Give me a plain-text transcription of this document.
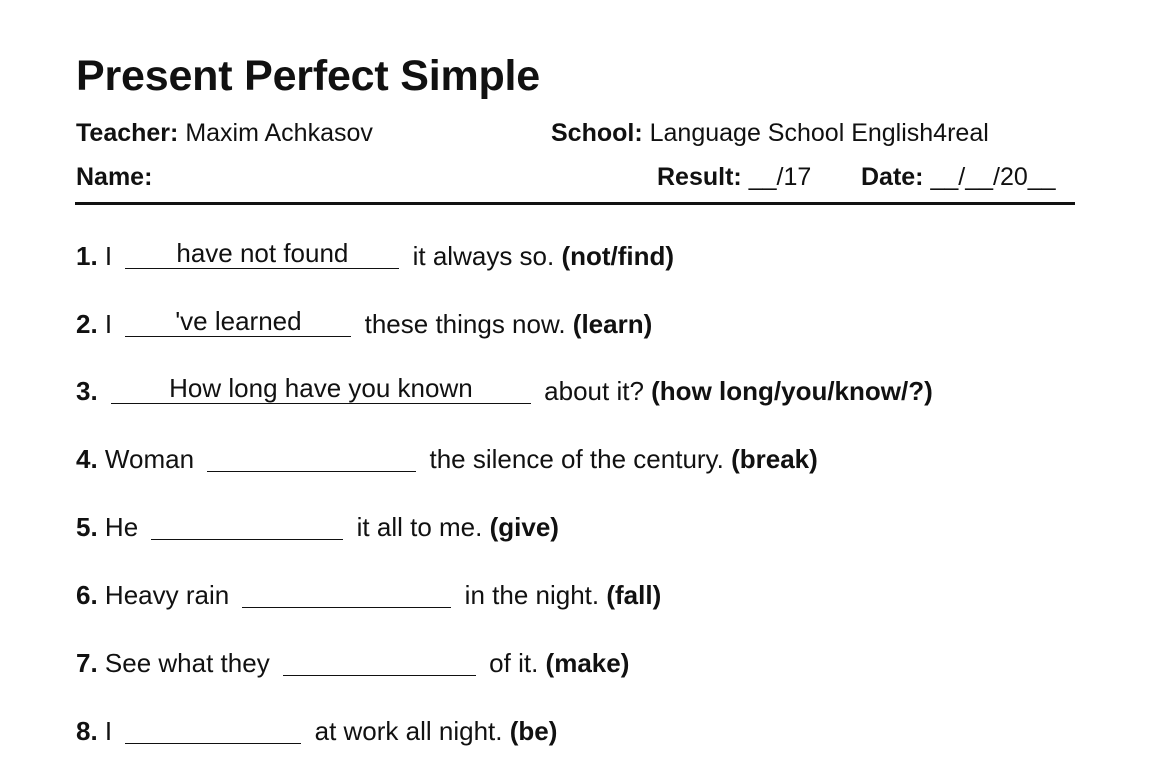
Present Perfect Simple
Teacher: Maxim Achkasov	School: Language School English4real
Name:	Result: __/17 Date: __/__/20__
1. I	have not found	it always so. (not/find)
2. I	've learned	these things now. (learn)
3.	How long have you known	about it? (how long/you/know/?)
4. Woman	the silence of the century. (break)
5. He	it all to me. (give)
6. Heavy rain	in the night. (fall)
7. See what they	of it. (make)
8. I	at work all night. (be)
